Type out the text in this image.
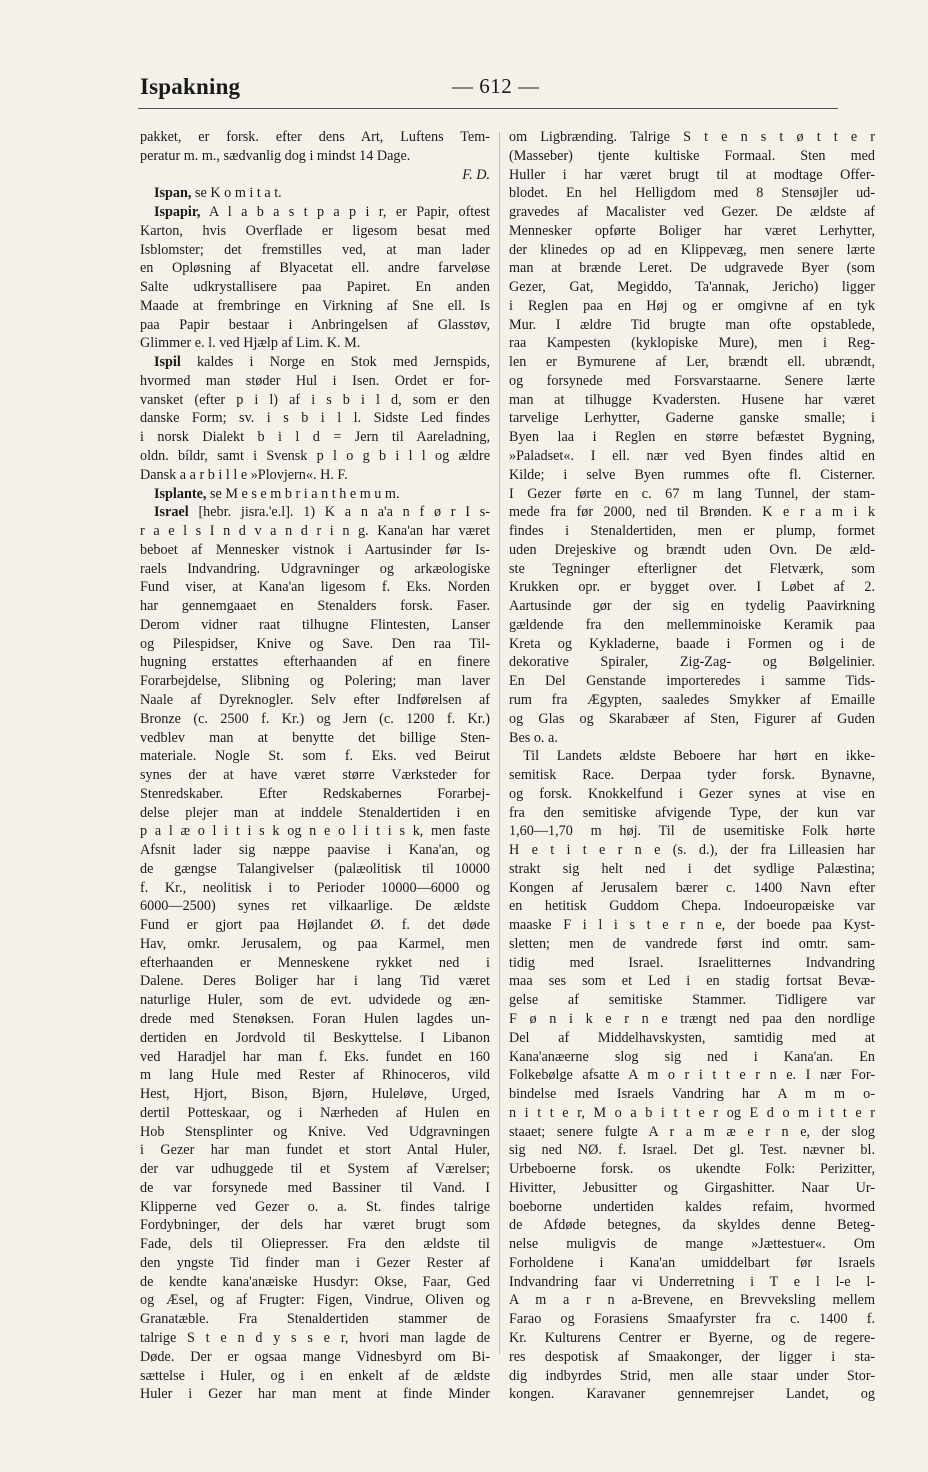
Ispakning	— 612 —
pakket, er forsk. efter dens Art, Luftens Tem-
peratur m. m., sædvanlig dog i mindst 14 Dage.
F. D.
Ispan, se K o m i t a t.
Ispapir, A l a b a s t p a p i r, er Papir, oftest
Karton, hvis Overflade er ligesom besat med
Isblomster; det fremstilles ved, at man lader
en Opløsning af Blyacetat ell. andre farveløse
Salte udkrystallisere paa Papiret. En anden
Maade at frembringe en Virkning af Sne ell. Is
paa Papir bestaar i Anbringelsen af Glasstøv,
Glimmer e. l. ved Hjælp af Lim. K. M.
Ispil kaldes i Norge en Stok med Jernspids,
hvormed man støder Hul i Isen. Ordet er for-
vansket (efter p i l) af i s b i l d, som er den
danske Form; sv. i s b i l l. Sidste Led findes
i norsk Dialekt b i l d = Jern til Aareladning,
oldn. bíldr, samt i Svensk p l o g b i l l og ældre
Dansk a a r b i l l e »Plovjern«. H. F.
Isplante, se M e s e m b r i a n t h e m u m.
Israel [hebr. jisra.'e.l]. 1) K a n a'a n f ø r I s-
r a e l s I n d v a n d r i n g. Kana'an har været
beboet af Mennesker vistnok i Aartusinder før Is-
raels Indvandring. Udgravninger og arkæologiske
Fund viser, at Kana'an ligesom f. Eks. Norden
har gennemgaaet en Stenalders forsk. Faser.
Derom vidner raat tilhugne Flintesten, Lanser
og Pilespidser, Knive og Save. Den raa Til-
hugning erstattes efterhaanden af en finere
Forarbejdelse, Slibning og Polering; man laver
Naale af Dyreknogler. Selv efter Indførelsen af
Bronze (c. 2500 f. Kr.) og Jern (c. 1200 f. Kr.)
vedblev man at benytte det billige Sten-
materiale. Nogle St. som f. Eks. ved Beirut
synes der at have været større Værksteder for
Stenredskaber. Efter Redskabernes Forarbej-
delse plejer man at inddele Stenaldertiden i en
p a l æ o l i t i s k og n e o l i t i s k, men faste
Afsnit lader sig næppe paavise i Kana'an, og
de gængse Talangivelser (palæolitisk til 10000
f. Kr., neolitisk i to Perioder 10000—6000 og
6000—2500) synes ret vilkaarlige. De ældste
Fund er gjort paa Højlandet Ø. f. det døde
Hav, omkr. Jerusalem, og paa Karmel, men
efterhaanden er Menneskene rykket ned i
Dalene. Deres Boliger har i lang Tid været
naturlige Huler, som de evt. udvidede og æn-
drede med Stenøksen. Foran Hulen lagdes un-
dertiden en Jordvold til Beskyttelse. I Libanon
ved Haradjel har man f. Eks. fundet en 160
m lang Hule med Rester af Rhinoceros, vild
Hest, Hjort, Bison, Bjørn, Huleløve, Urged,
dertil Potteskaar, og i Nærheden af Hulen en
Hob Stensplinter og Knive. Ved Udgravningen
i Gezer har man fundet et stort Antal Huler,
der var udhuggede til et System af Værelser;
de var forsynede med Bassiner til Vand. I
Klipperne ved Gezer o. a. St. findes talrige
Fordybninger, der dels har været brugt som
Fade, dels til Oliepresser. Fra den ældste til
den yngste Tid finder man i Gezer Rester af
de kendte kana'anæiske Husdyr: Okse, Faar, Ged
og Æsel, og af Frugter: Figen, Vindrue, Oliven og
Granatæble. Fra Stenaldertiden stammer de
talrige S t e n d y s s e r, hvori man lagde de
Døde. Der er ogsaa mange Vidnesbyrd om Bi-
sættelse i Huler, og i en enkelt af de ældste
Huler i Gezer har man ment at finde Minder
om Ligbrænding. Talrige S t e n s t ø t t e r
(Masseber) tjente kultiske Formaal. Sten med
Huller i har været brugt til at modtage Offer-
blodet. En hel Helligdom med 8 Stensøjler ud-
gravedes af Macalister ved Gezer. De ældste af
Mennesker opførte Boliger har været Lerhytter,
der klinedes op ad en Klippevæg, men senere lærte
man at brænde Leret. De udgravede Byer (som
Gezer, Gat, Megiddo, Ta'annak, Jericho) ligger
i Reglen paa en Høj og er omgivne af en tyk
Mur. I ældre Tid brugte man ofte opstablede,
raa Kampesten (kyklopiske Mure), men i Reg-
len er Bymurene af Ler, brændt ell. ubrændt,
og forsynede med Forsvarstaarne. Senere lærte
man at tilhugge Kvadersten. Husene har været
tarvelige Lerhytter, Gaderne ganske smalle; i
Byen laa i Reglen en større befæstet Bygning,
»Paladset«. I ell. nær ved Byen findes altid en
Kilde; i selve Byen rummes ofte fl. Cisterner.
I Gezer førte en c. 67 m lang Tunnel, der stam-
mede fra før 2000, ned til Brønden. K e r a m i k
findes i Stenaldertiden, men er plump, formet
uden Drejeskive og brændt uden Ovn. De æld-
ste Tegninger efterligner det Fletværk, som
Krukken opr. er bygget over. I Løbet af 2.
Aartusinde gør der sig en tydelig Paavirkning
gældende fra den mellemminoiske Keramik paa
Kreta og Kykladerne, baade i Formen og i de
dekorative Spiraler, Zig-Zag- og Bølgelinier.
En Del Genstande importeredes i samme Tids-
rum fra Ægypten, saaledes Smykker af Emaille
og Glas og Skarabæer af Sten, Figurer af Guden
Bes o. a.
Til Landets ældste Beboere har hørt en ikke-
semitisk Race. Derpaa tyder forsk. Bynavne,
og forsk. Knokkelfund i Gezer synes at vise en
fra den semitiske afvigende Type, der kun var
1,60—1,70 m høj. Til de usemitiske Folk hørte
H e t i t e r n e (s. d.), der fra Lilleasien har
strakt sig helt ned i det sydlige Palæstina;
Kongen af Jerusalem bærer c. 1400 Navn efter
en hetitisk Guddom Chepa. Indoeuropæiske var
maaske F i l i s t e r n e, der boede paa Kyst-
sletten; men de vandrede først ind omtr. sam-
tidig med Israel. Israelitternes Indvandring
maa ses som et Led i en stadig fortsat Bevæ-
gelse af semitiske Stammer. Tidligere var
F ø n i k e r n e trængt ned paa den nordlige
Del af Middelhavskysten, samtidig med at
Kana'anæerne slog sig ned i Kana'an. En
Folkebølge afsatte A m o r i t t e r n e. I nær For-
bindelse med Israels Vandring har A m m o-
n i t t e r, M o a b i t t e r og E d o m i t t e r
staaet; senere fulgte A r a m æ e r n e, der slog
sig ned NØ. f. Israel. Det gl. Test. nævner bl.
Urbeboerne forsk. os ukendte Folk: Perizitter,
Hivitter, Jebusitter og Girgashitter. Naar Ur-
boeborne undertiden kaldes refaim, hvormed
de Afdøde betegnes, da skyldes denne Beteg-
nelse muligvis de mange »Jættestuer«. Om
Forholdene i Kana'an umiddelbart før Israels
Indvandring faar vi Underretning i T e l l-e l-
A m a r n a-Brevene, en Brevveksling mellem
Farao og Forasiens Smaafyrster fra c. 1400 f.
Kr. Kulturens Centrer er Byerne, og de regere-
res despotisk af Smaakonger, der ligger i sta-
dig indbyrdes Strid, men alle staar under Stor-
kongen. Karavaner gennemrejser Landet, og
